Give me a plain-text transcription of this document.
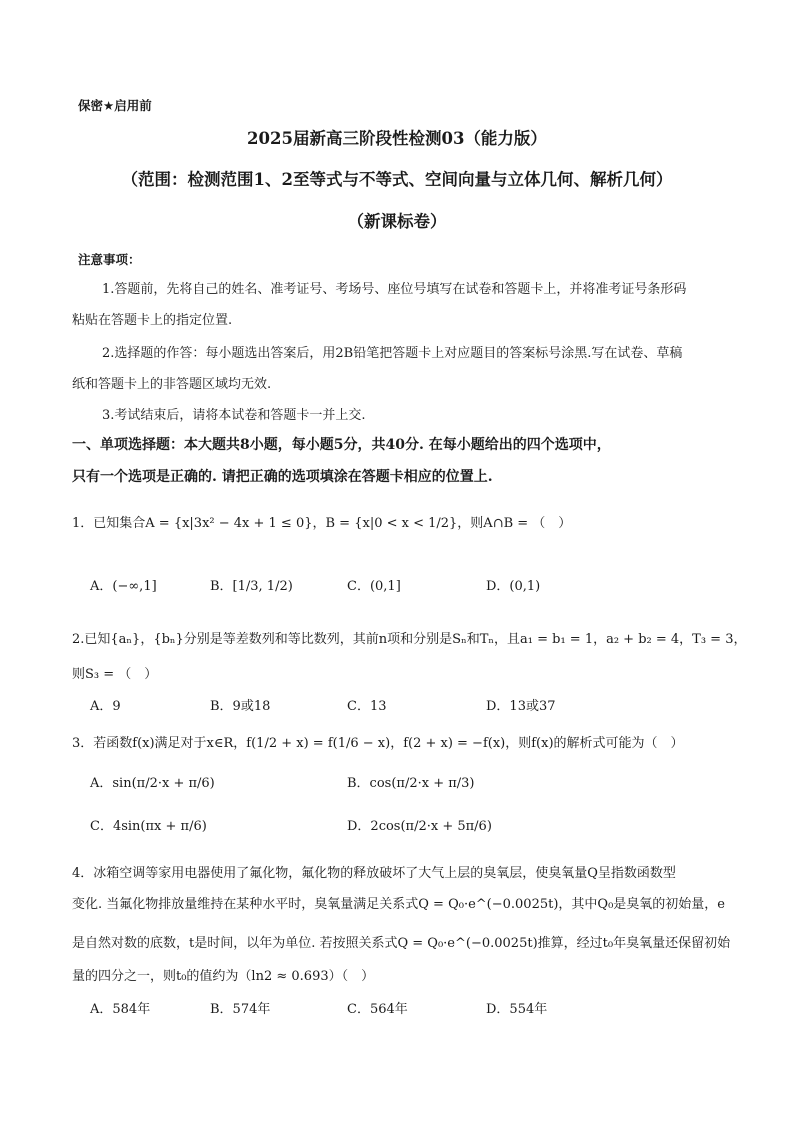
保密★启用前
2025届新高三阶段性检测03（能力版）
（范围：检测范围1、2至等式与不等式、空间向量与立体几何、解析几何）
（新课标卷）
注意事项：
1.答题前，先将自己的姓名、准考证号、考场号、座位号填写在试卷和答题卡上，并将准考证号条形码
粘贴在答题卡上的指定位置.
2.选择题的作答：每小题选出答案后，用2B铅笔把答题卡上对应题目的答案标号涂黑.写在试卷、草稿
纸和答题卡上的非答题区域均无效.
3.考试结束后，请将本试卷和答题卡一并上交.
一、单项选择题：本大题共8小题，每小题5分，共40分. 在每小题给出的四个选项中，
只有一个选项是正确的. 请把正确的选项填涂在答题卡相应的位置上.
1．已知集合A = {x|3x² − 4x + 1 ≤ 0}，B = {x|0 < x < 1/2}，则A∩B = （　）
A．(−∞,1]	B．[1/3, 1/2)	C．(0,1]	D．(0,1)
2.已知{aₙ}，{bₙ}分别是等差数列和等比数列，其前n项和分别是Sₙ和Tₙ，且a₁ = b₁ = 1，a₂ + b₂ = 4，T₃ = 3，
则S₃ = （　）
A．9	B．9或18	C．13	D．13或37
3．若函数f(x)满足对于x∈R，f(1/2 + x) = f(1/6 − x)，f(2 + x) = −f(x)，则f(x)的解析式可能为（　）
A．sin(π/2·x + π/6)	B．cos(π/2·x + π/3)
C．4sin(πx + π/6)	D．2cos(π/2·x + 5π/6)
4．冰箱空调等家用电器使用了氟化物，氟化物的释放破坏了大气上层的臭氧层，使臭氧量Q呈指数函数型
变化. 当氟化物排放量维持在某种水平时，臭氧量满足关系式Q = Q₀·e^(−0.0025t)，其中Q₀是臭氧的初始量，e
是自然对数的底数，t是时间，以年为单位. 若按照关系式Q = Q₀·e^(−0.0025t)推算，经过t₀年臭氧量还保留初始
量的四分之一，则t₀的值约为（ln2 ≈ 0.693）（　）
A．584年	B．574年	C．564年	D．554年
